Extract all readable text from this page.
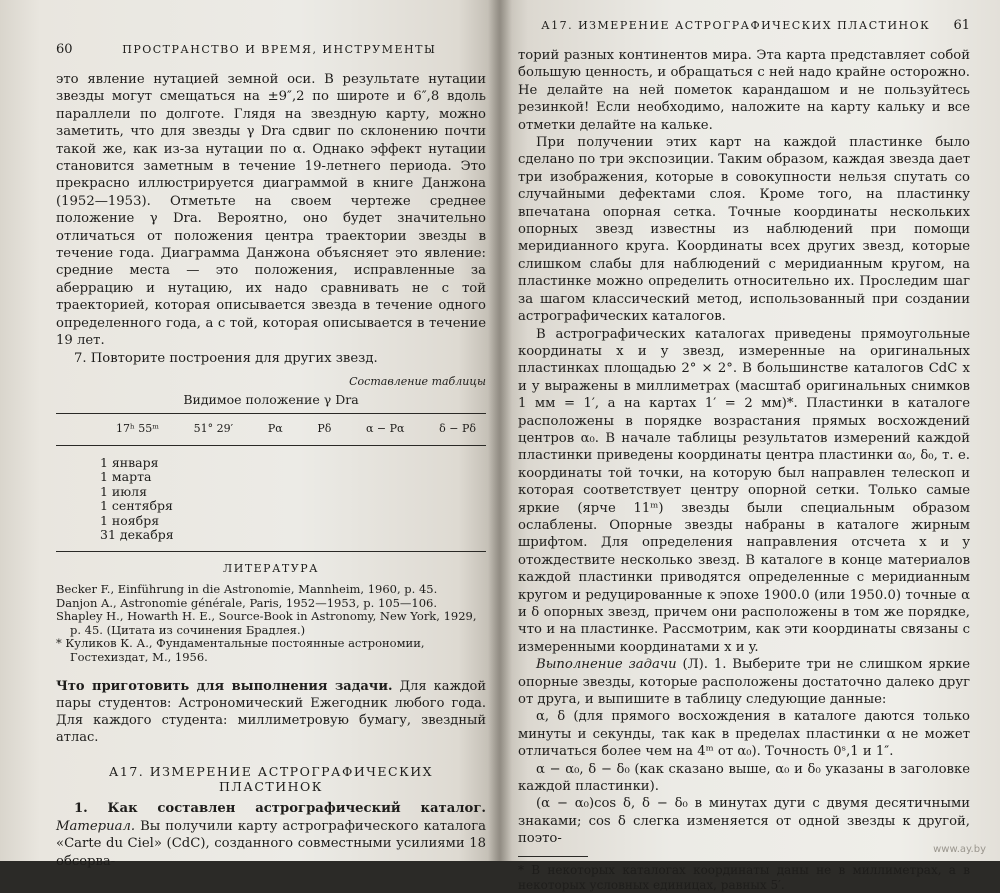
60	ПРОСТРАНСТВО И ВРЕМЯ, ИНСТРУМЕНТЫ

это явление нутацией земной оси. В результате нутации звезды могут смещаться на ±9″,2 по широте и 6″,8 вдоль параллели по долготе. Глядя на звездную карту, можно заметить, что для звезды γ Dra сдвиг по склонению почти такой же, как из-за нутации по α. Однако эффект нутации становится заметным в течение 19-летнего периода. Это прекрасно иллюстрируется диаграммой в книге Данжона (1952—1953). Отметьте на своем чертеже среднее положение γ Dra. Вероятно, оно будет значительно отличаться от положения центра траектории звезды в течение года. Диаграмма Данжона объясняет это явление: средние места — это положения, исправленные за аберрацию и нутацию, их надо сравнивать не с той траекторией, которая описывается звезда в течение одного определенного года, а с той, которая описывается в течение 19 лет.

7. Повторите построения для других звезд.

Составление таблицы
Видимое положение γ Dra
17ʰ 55ᵐ	51° 29′	Pα	Pδ	α − Pα	δ − Pδ
1 января
1 марта
1 июля
1 сентября
1 ноября
31 декабря
ЛИТЕРАТУРА

Becker F., Einführung in die Astronomie, Mannheim, 1960, p. 45.

Danjon A., Astronomie générale, Paris, 1952—1953, p. 105—106.

Shapley H., Howarth H. E., Source-Book in Astronomy, New York, 1929, p. 45. (Цитата из сочинения Брадлея.)

* Куликов К. А., Фундаментальные постоянные астрономии, Гостехиздат, М., 1956.

Что приготовить для выполнения задачи. Для каждой пары студентов: Астрономический Ежегодник любого года. Для каждого студента: миллиметровую бумагу, звездный атлас.
А17. ИЗМЕРЕНИЕ АСТРОГРАФИЧЕСКИХ ПЛАСТИНОК

1. Как составлен астрографический каталог. Материал. Вы получили карту астрографического каталога «Carte du Ciel» (CdC), созданного совместными усилиями 18 обсерва-

А17. ИЗМЕРЕНИЕ АСТРОГРАФИЧЕСКИХ ПЛАСТИНОК 61

торий разных континентов мира. Эта карта представляет собой большую ценность, и обращаться с ней надо крайне осторожно. Не делайте на ней пометок карандашом и не пользуйтесь резинкой! Если необходимо, наложите на карту кальку и все отметки делайте на кальке.

При получении этих карт на каждой пластинке было сделано по три экспозиции. Таким образом, каждая звезда дает три изображения, которые в совокупности нельзя спутать со случайными дефектами слоя. Кроме того, на пластинку впечатана опорная сетка. Точные координаты нескольких опорных звезд известны из наблюдений при помощи меридианного круга. Координаты всех других звезд, которые слишком слабы для наблюдений с меридианным кругом, на пластинке можно определить относительно их. Проследим шаг за шагом классический метод, использованный при создании астрографических каталогов.

В астрографических каталогах приведены прямоугольные координаты x и y звезд, измеренные на оригинальных пластинках площадью 2° × 2°. В большинстве каталогов CdC x и y выражены в миллиметрах (масштаб оригинальных снимков 1 мм = 1′, а на картах 1′ = 2 мм)*. Пластинки в каталоге расположены в порядке возрастания прямых восхождений центров α₀. В начале таблицы результатов измерений каждой пластинки приведены координаты центра пластинки α₀, δ₀, т. е. координаты той точки, на которую был направлен телескоп и которая соответствует центру опорной сетки. Только самые яркие (ярче 11ᵐ) звезды были специальным образом ослаблены. Опорные звезды набраны в каталоге жирным шрифтом. Для определения направления отсчета x и y отождествите несколько звезд. В каталоге в конце материалов каждой пластинки приводятся определенные с меридианным кругом и редуцированные к эпохе 1900.0 (или 1950.0) точные α и δ опорных звезд, причем они расположены в том же порядке, что и на пластинке. Рассмотрим, как эти координаты связаны с измеренными координатами x и y.

Выполнение задачи (Л). 1. Выберите три не слишком яркие опорные звезды, которые расположены достаточно далеко друг от друга, и выпишите в таблицу следующие данные:

α, δ (для прямого восхождения в каталоге даются только минуты и секунды, так как в пределах пластинки α не может отличаться более чем на 4ᵐ от α₀). Точность 0ˢ,1 и 1″.

α − α₀, δ − δ₀ (как сказано выше, α₀ и δ₀ указаны в заголовке каждой пластинки).

(α − α₀)cos δ, δ − δ₀ в минутах дуги с двумя десятичными знаками; cos δ слегка изменяется от одной звезды к другой, поэто-

* В некоторых каталогах координаты даны не в миллиметрах, а в некоторых условных единицах, равных 5′.

www.ay.by
